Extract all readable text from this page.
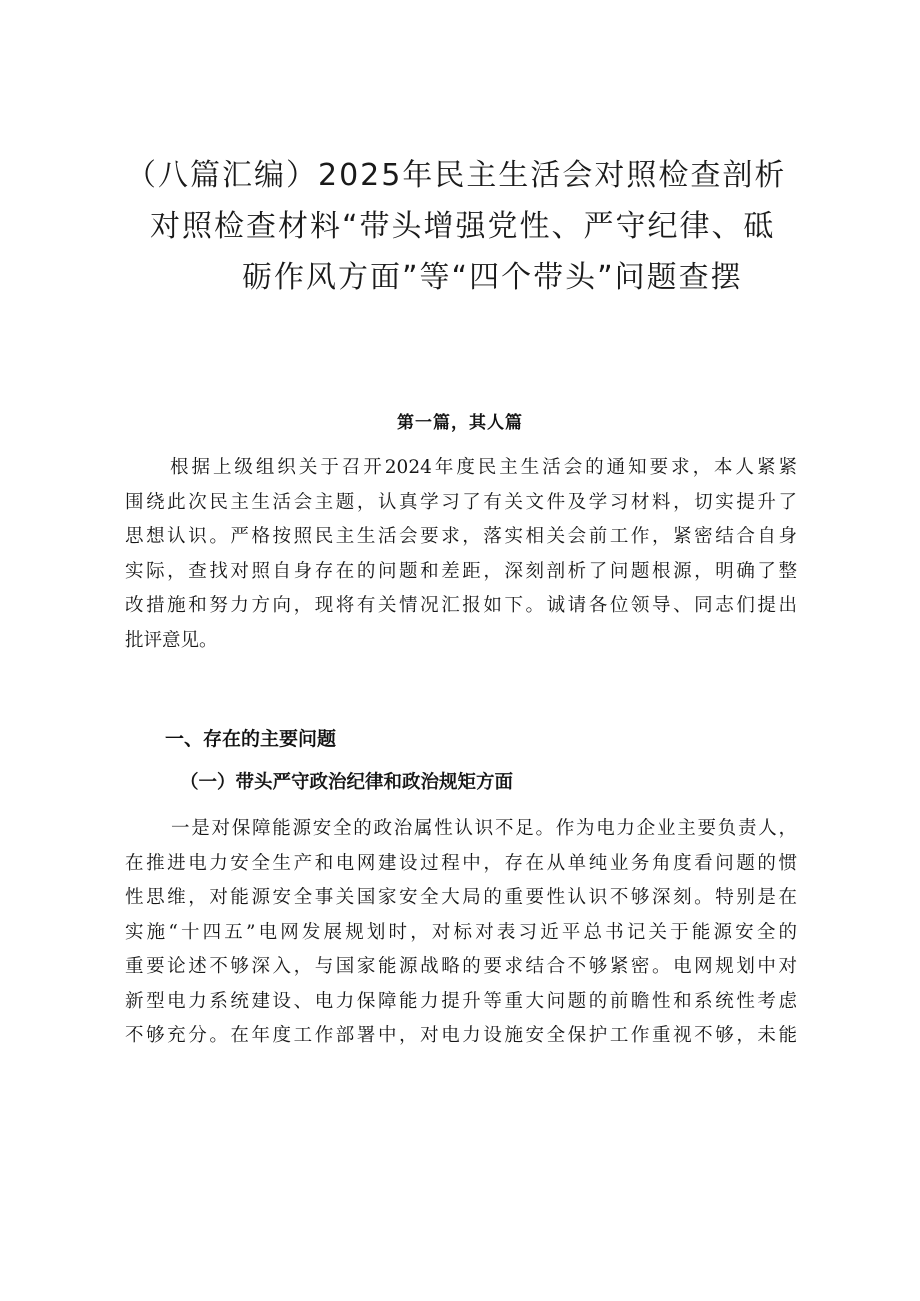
（八篇汇编）2025年民主生活会对照检查剖析
对照检查材料“带头增强党性、严守纪律、砥
砺作风方面”等“四个带头”问题查摆
第一篇，其人篇

根据上级组织关于召开2024年度民主生活会的通知要求，本人紧紧
围绕此次民主生活会主题，认真学习了有关文件及学习材料，切实提升了
思想认识。严格按照民主生活会要求，落实相关会前工作，紧密结合自身
实际，查找对照自身存在的问题和差距，深刻剖析了问题根源，明确了整
改措施和努力方向，现将有关情况汇报如下。诚请各位领导、同志们提出
批评意见。

一、存在的主要问题
（一）带头严守政治纪律和政治规矩方面

一是对保障能源安全的政治属性认识不足。作为电力企业主要负责人，
在推进电力安全生产和电网建设过程中，存在从单纯业务角度看问题的惯
性思维，对能源安全事关国家安全大局的重要性认识不够深刻。特别是在
实施“十四五”电网发展规划时，对标对表习近平总书记关于能源安全的
重要论述不够深入，与国家能源战略的要求结合不够紧密。电网规划中对
新型电力系统建设、电力保障能力提升等重大问题的前瞻性和系统性考虑
不够充分。在年度工作部署中，对电力设施安全保护工作重视不够，未能
